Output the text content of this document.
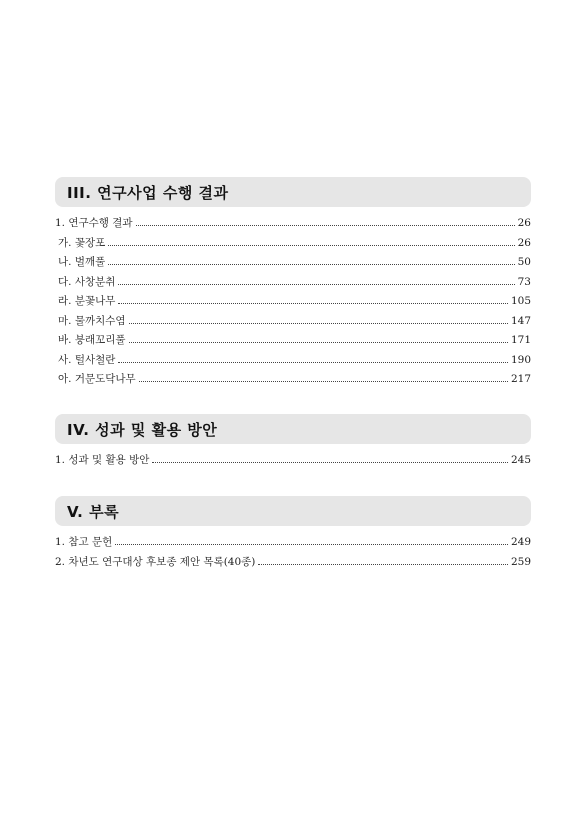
III. 연구사업 수행 결과
1. 연구수행 결과	26
가. 꽃장포	26
나. 벌깨풀	50
다. 사창분취	73
라. 분꽃나무	105
마. 물까치수염	147
바. 붕래꼬리풀	171
사. 털사철란	190
아. 거문도닥나무	217
IV. 성과 및 활용 방안
1. 성과 및 활용 방안	245
V. 부록
1. 참고 문헌	249
2. 차년도 연구대상 후보종 제안 목록(40종)	259
